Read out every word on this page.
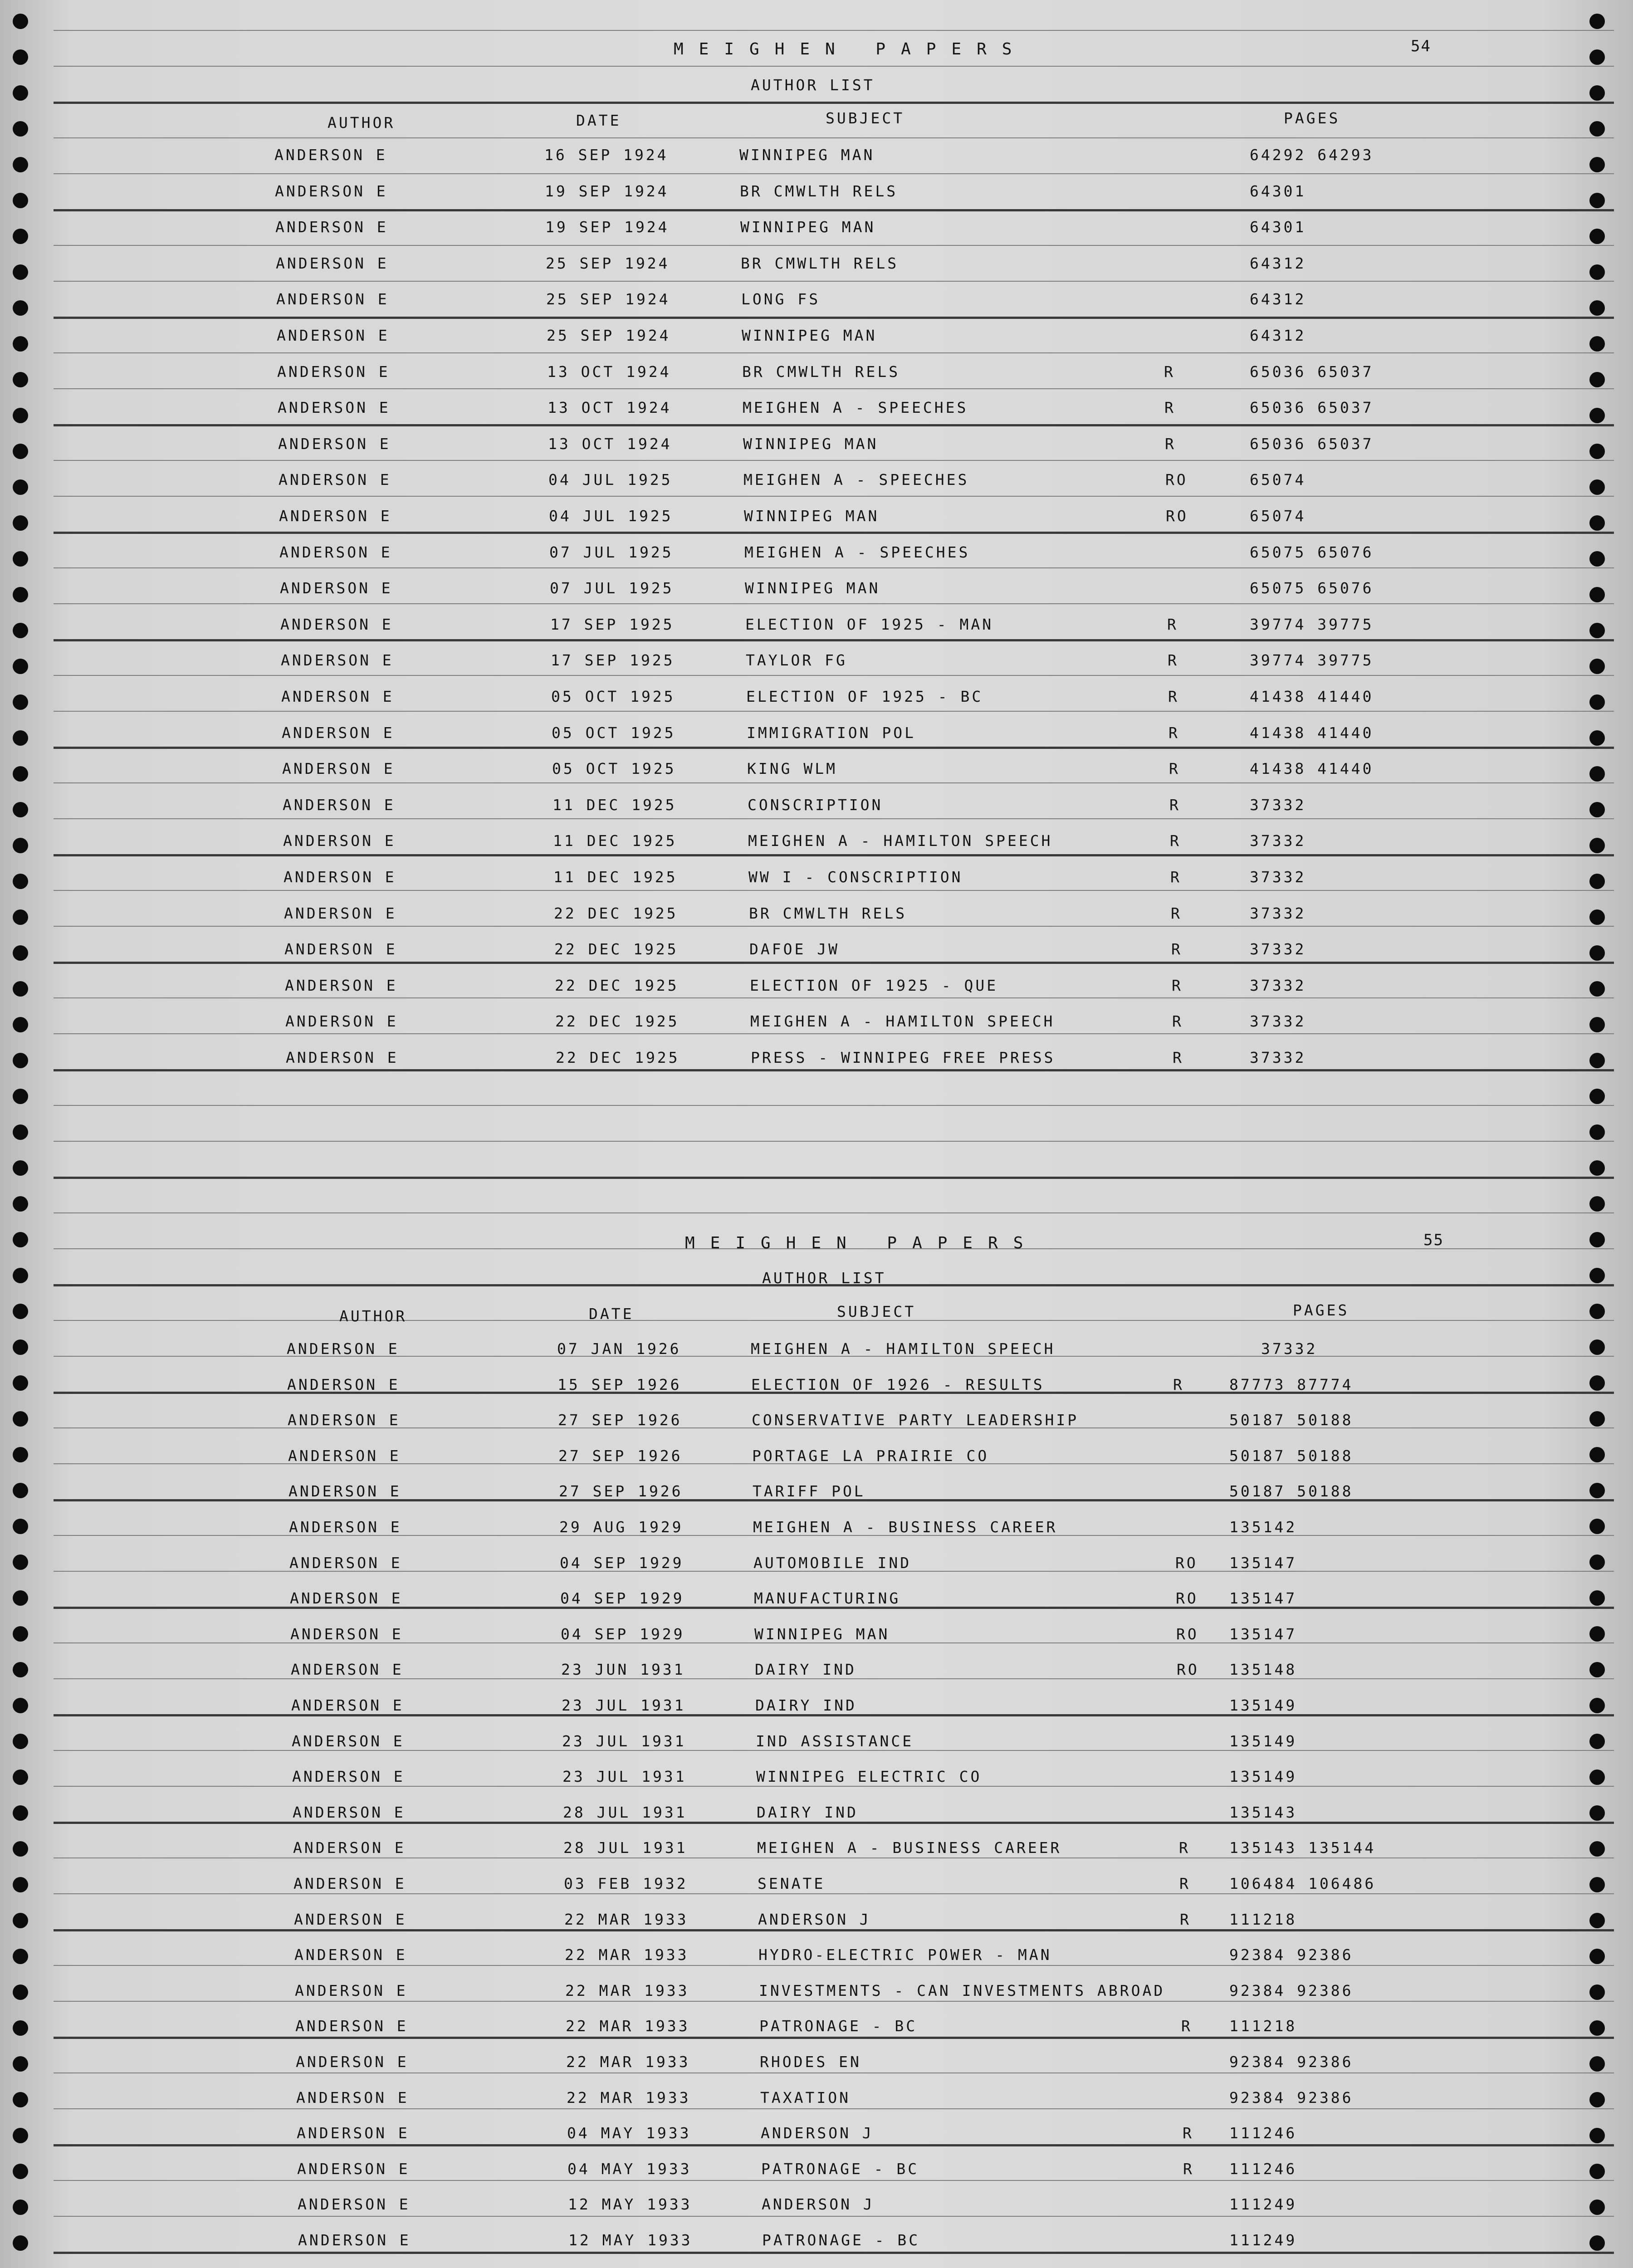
MEIGHEN PAPERS	54
AUTHOR LIST
AUTHOR	DATE	SUBJECT	PAGES
ANDERSON E	16 SEP 1924	WINNIPEG MAN	64292 64293
ANDERSON E	19 SEP 1924	BR CMWLTH RELS	64301
ANDERSON E	19 SEP 1924	WINNIPEG MAN	64301
ANDERSON E	25 SEP 1924	BR CMWLTH RELS	64312
ANDERSON E	25 SEP 1924	LONG FS	64312
ANDERSON E	25 SEP 1924	WINNIPEG MAN	64312
ANDERSON E	13 OCT 1924	BR CMWLTH RELS	R	65036 65037
ANDERSON E	13 OCT 1924	MEIGHEN A - SPEECHES	R	65036 65037
ANDERSON E	13 OCT 1924	WINNIPEG MAN	R	65036 65037
ANDERSON E	04 JUL 1925	MEIGHEN A - SPEECHES	RO	65074
ANDERSON E	04 JUL 1925	WINNIPEG MAN	RO	65074
ANDERSON E	07 JUL 1925	MEIGHEN A - SPEECHES	65075 65076
ANDERSON E	07 JUL 1925	WINNIPEG MAN	65075 65076
ANDERSON E	17 SEP 1925	ELECTION OF 1925 - MAN	R	39774 39775
ANDERSON E	17 SEP 1925	TAYLOR FG	R	39774 39775
ANDERSON E	05 OCT 1925	ELECTION OF 1925 - BC	R	41438 41440
ANDERSON E	05 OCT 1925	IMMIGRATION POL	R	41438 41440
ANDERSON E	05 OCT 1925	KING WLM	R	41438 41440
ANDERSON E	11 DEC 1925	CONSCRIPTION	R	37332
ANDERSON E	11 DEC 1925	MEIGHEN A - HAMILTON SPEECH	R	37332
ANDERSON E	11 DEC 1925	WW I - CONSCRIPTION	R	37332
ANDERSON E	22 DEC 1925	BR CMWLTH RELS	R	37332
ANDERSON E	22 DEC 1925	DAFOE JW	R	37332
ANDERSON E	22 DEC 1925	ELECTION OF 1925 - QUE	R	37332
ANDERSON E	22 DEC 1925	MEIGHEN A - HAMILTON SPEECH	R	37332
ANDERSON E	22 DEC 1925	PRESS - WINNIPEG FREE PRESS	R	37332
MEIGHEN PAPERS	55
AUTHOR LIST
AUTHOR	DATE	SUBJECT	PAGES
ANDERSON E	07 JAN 1926	MEIGHEN A - HAMILTON SPEECH	37332
ANDERSON E	15 SEP 1926	ELECTION OF 1926 - RESULTS	R	87773 87774
ANDERSON E	27 SEP 1926	CONSERVATIVE PARTY LEADERSHIP	50187 50188
ANDERSON E	27 SEP 1926	PORTAGE LA PRAIRIE CO	50187 50188
ANDERSON E	27 SEP 1926	TARIFF POL	50187 50188
ANDERSON E	29 AUG 1929	MEIGHEN A - BUSINESS CAREER	135142
ANDERSON E	04 SEP 1929	AUTOMOBILE IND	RO 135147
ANDERSON E	04 SEP 1929	MANUFACTURING	RO 135147
ANDERSON E	04 SEP 1929	WINNIPEG MAN	RO 135147
ANDERSON E	23 JUN 1931	DAIRY IND	RO 135148
ANDERSON E	23 JUL 1931	DAIRY IND	135149
ANDERSON E	23 JUL 1931	IND ASSISTANCE	135149
ANDERSON E	23 JUL 1931	WINNIPEG ELECTRIC CO	135149
ANDERSON E	28 JUL 1931	DAIRY IND	135143
ANDERSON E	28 JUL 1931	MEIGHEN A - BUSINESS CAREER	R	135143 135144
ANDERSON E	03 FEB 1932	SENATE	R	106484 106486
ANDERSON E	22 MAR 1933	ANDERSON J	R	111218
ANDERSON E	22 MAR 1933	HYDRO-ELECTRIC POWER - MAN	92384 92386
ANDERSON E	22 MAR 1933	INVESTMENTS - CAN INVESTMENTS ABROAD	92384 92386
ANDERSON E	22 MAR 1933	PATRONAGE - BC	R 111218
ANDERSON E	22 MAR 1933	RHODES EN	92384 92386
ANDERSON E	22 MAR 1933	TAXATION	92384 92386
ANDERSON E	04 MAY 1933	ANDERSON J	R 111246
ANDERSON E	04 MAY 1933	PATRONAGE - BC	R 111246
ANDERSON E	12 MAY 1933	ANDERSON J	111249
ANDERSON E	12 MAY 1933	PATRONAGE - BC	111249
